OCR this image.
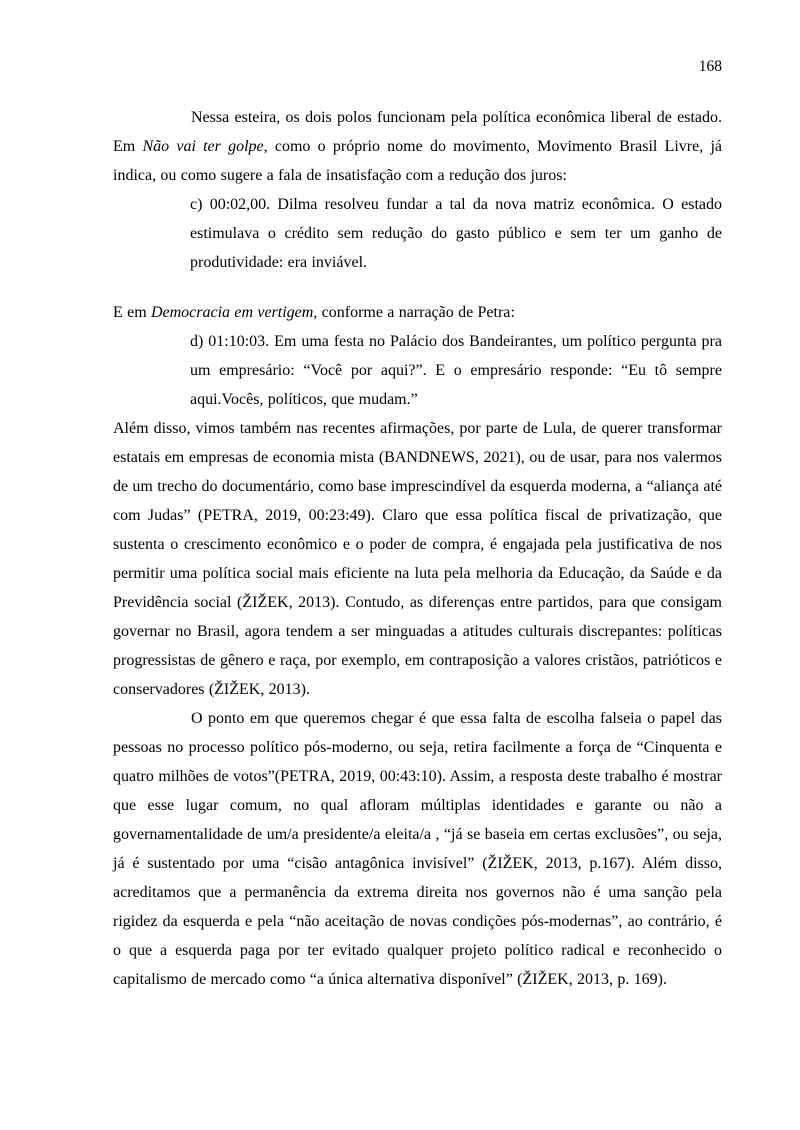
168

Nessa esteira, os dois polos funcionam pela política econômica liberal de estado. Em Não vai ter golpe, como o próprio nome do movimento, Movimento Brasil Livre, já indica, ou como sugere a fala de insatisfação com a redução dos juros:

c) 00:02,00. Dilma resolveu fundar a tal da nova matriz econômica. O estado estimulava o crédito sem redução do gasto público e sem ter um ganho de produtividade: era inviável.

E em Democracia em vertigem, conforme a narração de Petra:

d) 01:10:03. Em uma festa no Palácio dos Bandeirantes, um político pergunta pra um empresário: “Você por aqui?”. E o empresário responde: “Eu tô sempre aqui.Vocês, políticos, que mudam.”

Além disso, vimos também nas recentes afirmações, por parte de Lula, de querer transformar estatais em empresas de economia mista (BANDNEWS, 2021), ou de usar, para nos valermos de um trecho do documentário, como base imprescindível da esquerda moderna, a “aliança até com Judas” (PETRA, 2019, 00:23:49). Claro que essa política fiscal de privatização, que sustenta o crescimento econômico e o poder de compra, é engajada pela justificativa de nos permitir uma política social mais eficiente na luta pela melhoria da Educação, da Saúde e da Previdência social (ŽIŽEK, 2013). Contudo, as diferenças entre partidos, para que consigam governar no Brasil, agora tendem a ser minguadas a atitudes culturais discrepantes: políticas progressistas de gênero e raça, por exemplo, em contraposição a valores cristãos, patrióticos e conservadores (ŽIŽEK, 2013).

O ponto em que queremos chegar é que essa falta de escolha falseia o papel das pessoas no processo político pós-moderno, ou seja, retira facilmente a força de “Cinquenta e quatro milhões de votos”(PETRA, 2019, 00:43:10). Assim, a resposta deste trabalho é mostrar que esse lugar comum, no qual afloram múltiplas identidades e garante ou não a governamentalidade de um/a presidente/a eleita/a , “já se baseia em certas exclusões”, ou seja, já é sustentado por uma “cisão antagônica invisível” (ŽIŽEK, 2013, p.167). Além disso, acreditamos que a permanência da extrema direita nos governos não é uma sanção pela rigidez da esquerda e pela “não aceitação de novas condições pós-modernas”, ao contrário, é o que a esquerda paga por ter evitado qualquer projeto político radical e reconhecido o capitalismo de mercado como “a única alternativa disponível” (ŽIŽEK, 2013, p. 169).
